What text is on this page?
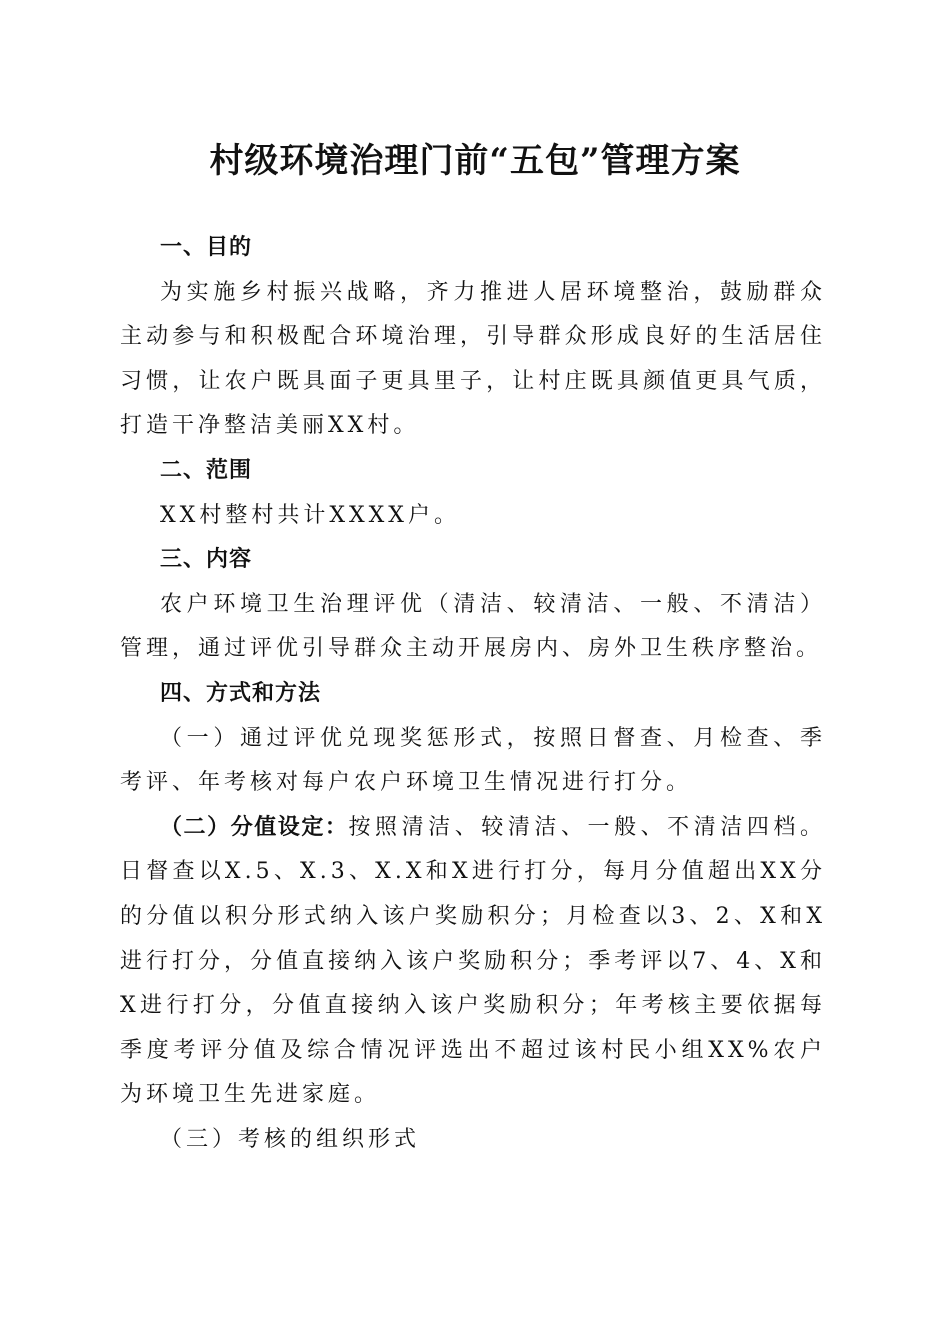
村级环境治理门前“五包”管理方案
一、目的

为实施乡村振兴战略，齐力推进人居环境整治，鼓励群众主动参与和积极配合环境治理，引导群众形成良好的生活居住习惯，让农户既具面子更具里子，让村庄既具颜值更具气质，打造干净整洁美丽XX村。

二、范围

XX村整村共计XXXX户。

三、内容

农户环境卫生治理评优（清洁、较清洁、一般、不清洁）管理，通过评优引导群众主动开展房内、房外卫生秩序整治。

四、方式和方法

（一）通过评优兑现奖惩形式，按照日督查、月检查、季考评、年考核对每户农户环境卫生情况进行打分。

（二）分值设定：按照清洁、较清洁、一般、不清洁四档。日督查以X.5、X.3、X.X和X进行打分，每月分值超出XX分的分值以积分形式纳入该户奖励积分；月检查以3、2、X和X进行打分，分值直接纳入该户奖励积分；季考评以7、4、X和X进行打分，分值直接纳入该户奖励积分；年考核主要依据每季度考评分值及综合情况评选出不超过该村民小组XX%农户为环境卫生先进家庭。

（三）考核的组织形式
